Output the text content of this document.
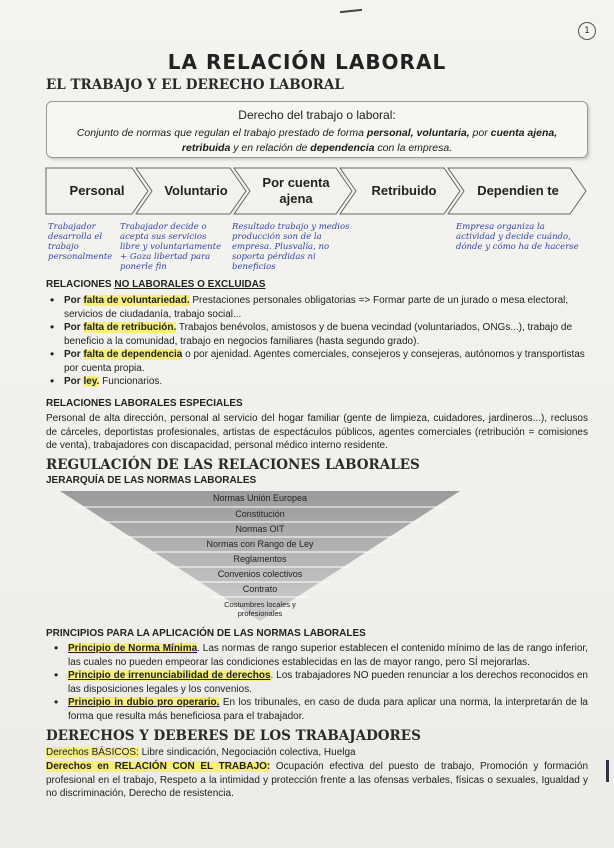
1
LA RELACIÓN LABORAL
EL TRABAJO Y EL DERECHO LABORAL
Derecho del trabajo o laboral:
Conjunto de normas que regulan el trabajo prestado de forma personal, voluntaria, por cuenta ajena,
retribuida y en relación de dependencia con la empresa.
Personal	Voluntario
Por cuenta ajena
Retribuido	Dependien te
Trabajador desarrolla el trabajo personalmente
Trabajador decide o acepta sus servicios libre y voluntariamente + Goza libertad para ponerle fin
Resultado trabajo y medios producción son de la empresa. Plusvalía, no soporta pérdidas ni beneficios
Empresa organiza la actividad y decide cuándo, dónde y cómo ha de hacerse
RELACIONES NO LABORALES O EXCLUIDAS
• Por falta de voluntariedad. Prestaciones personales obligatorias => Formar parte de un jurado o mesa electoral, servicios de ciudadanía, trabajo social...
• Por falta de retribución. Trabajos benévolos, amistosos y de buena vecindad (voluntariados, ONGs...), trabajo de beneficio a la comunidad, trabajo en negocios familiares (hasta segundo grado).
• Por falta de dependencia o por ajenidad. Agentes comerciales, consejeros y consejeras, autónomos y transportistas por cuenta propia.
• Por ley. Funcionarios.
RELACIONES LABORALES ESPECIALES
Personal de alta dirección, personal al servicio del hogar familiar (gente de limpieza, cuidadores, jardineros...), reclusos de cárceles, deportistas profesionales, artistas de espectáculos públicos, agentes comerciales (retribución = comisiones de venta), trabajadores con discapacidad, personal médico interno residente.
REGULACIÓN DE LAS RELACIONES LABORALES
JERARQUÍA DE LAS NORMAS LABORALES
Normas Unión Europea
Constitución
Normas OIT
Normas con Rango de Ley
Reglamentos
Convenios colectivos
Contrato
Costumbres locales y profesionales
PRINCIPIOS PARA LA APLICACIÓN DE LAS NORMAS LABORALES
• Principio de Norma Mínima. Las normas de rango superior establecen el contenido mínimo de las de rango inferior, las cuales no pueden empeorar las condiciones establecidas en las de mayor rango, pero SÍ mejorarlas.
• Principio de irrenunciabilidad de derechos. Los trabajadores NO pueden renunciar a los derechos reconocidos en las disposiciones legales y los convenios.
• Principio in dubio pro operario. En los tribunales, en caso de duda para aplicar una norma, la interpretarán de la forma que resulta más beneficiosa para el trabajador.
DERECHOS Y DEBERES DE LOS TRABAJADORES
Derechos BÁSICOS: Libre sindicación, Negociación colectiva, Huelga
Derechos en RELACIÓN CON EL TRABAJO: Ocupación efectiva del puesto de trabajo, Promoción y formación profesional en el trabajo, Respeto a la intimidad y protección frente a las ofensas verbales, físicas o sexuales, Igualdad y no discriminación, Derecho de resistencia.
